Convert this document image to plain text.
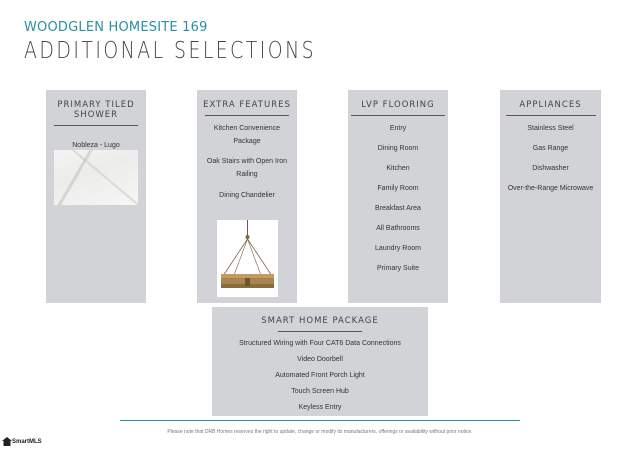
WOODGLEN HOMESITE 169
ADDITIONAL SELECTIONS
PRIMARY TILED SHOWER
Nobleza - Lugo
EXTRA FEATURES
Kitchen Convenience
Package
Oak Stairs with Open Iron
Railing
Dining Chandelier
LVP FLOORING
Entry
Dining Room
Kitchen
Family Room
Breakfast Area
All Bathrooms
Laundry Room
Primary Suite
APPLIANCES
Stainless Steel
Gas Range
Dishwasher
Over-the-Range Microwave
SMART HOME PACKAGE
Structured Wiring with Four CAT6 Data Connections
Video Doorbell
Automated Front Porch Light
Touch Screen Hub
Keyless Entry
Please note that DRB Homes reserves the right to update, change or modify its manufacturers, offerings or availability without prior notice.
SmartMLS
